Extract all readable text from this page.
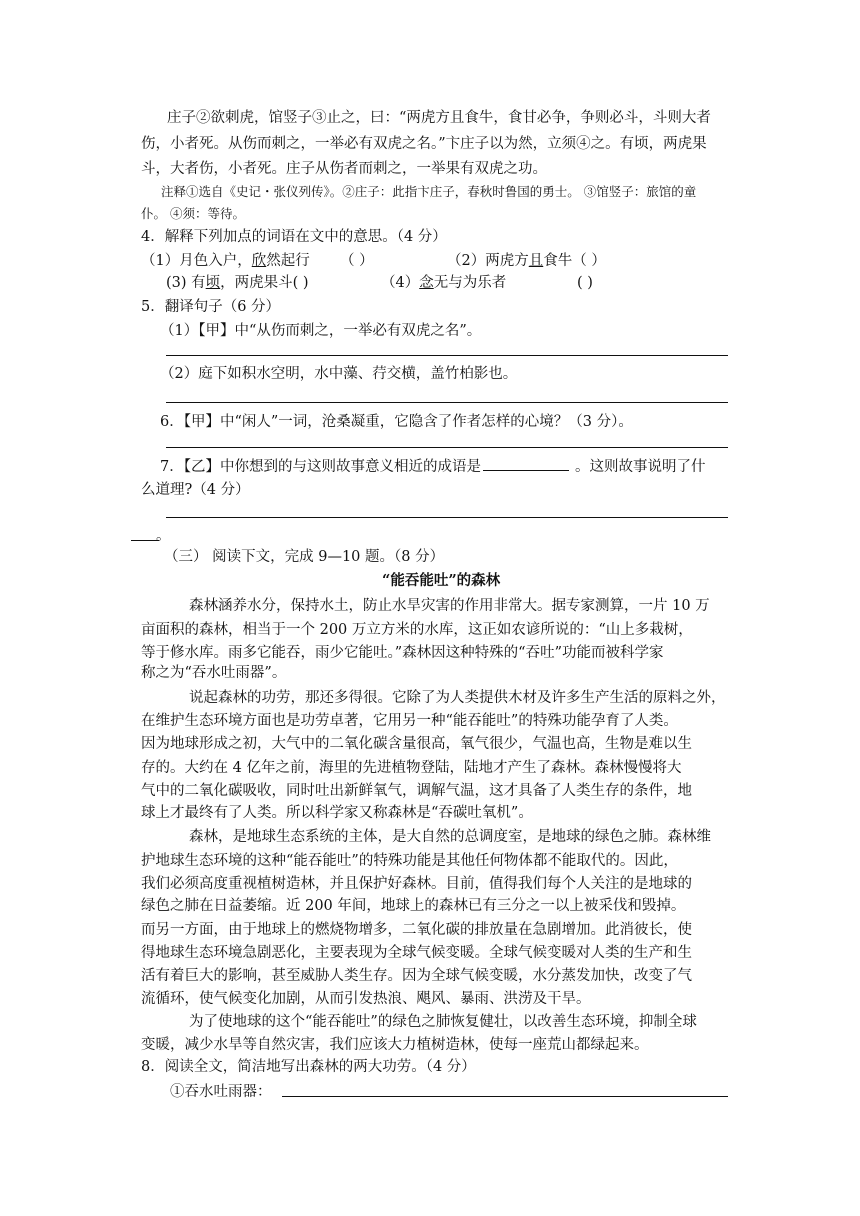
庄子②欲刺虎，馆竖子③止之，曰：“两虎方且食牛，食甘必争，争则必斗，斗则大者
伤，小者死。从伤而刺之，一举必有双虎之名。”卞庄子以为然，立须④之。有顷，两虎果
斗，大者伤，小者死。庄子从伤者而刺之，一举果有双虎之功。
注释①选自《史记・张仪列传》。②庄子：此指卞庄子，春秋时鲁国的勇士。 ③馆竖子：旅馆的童
仆。 ④须：等待。
4．解释下列加点的词语在文中的意思。（4 分）
（1）月色入户，欣然起行 （ ）	（2）两虎方且食牛（ ）
(3) 有顷，两虎果斗( )	（4）念无与为乐者	( )
5．翻译句子（6 分）
（1）【甲】中“从伤而刺之，一举必有双虎之名”。
（2）庭下如积水空明，水中藻、荇交横，盖竹柏影也。
6．【甲】中“闲人”一词，沧桑凝重，它隐含了作者怎样的心境？（3 分）。
7．【乙】中你想到的与这则故事意义相近的成语是	。这则故事说明了什
么道理?（4 分）
。
（三） 阅读下文，完成 9—10 题。（8 分）
“能吞能吐”的森林
森林涵养水分，保持水土，防止水旱灾害的作用非常大。据专家测算，一片 10 万
亩面积的森林，相当于一个 200 万立方米的水库，这正如农谚所说的：“山上多栽树，
等于修水库。雨多它能吞，雨少它能吐。”森林因这种特殊的“吞吐”功能而被科学家
称之为“吞水吐雨器”。
说起森林的功劳，那还多得很。它除了为人类提供木材及许多生产生活的原料之外，
在维护生态环境方面也是功劳卓著，它用另一种“能吞能吐”的特殊功能孕育了人类。
因为地球形成之初，大气中的二氧化碳含量很高，氧气很少，气温也高，生物是难以生
存的。大约在 4 亿年之前，海里的先进植物登陆，陆地才产生了森林。森林慢慢将大
气中的二氧化碳吸收，同时吐出新鲜氧气，调解气温，这才具备了人类生存的条件，地
球上才最终有了人类。所以科学家又称森林是“吞碳吐氧机”。
森林，是地球生态系统的主体，是大自然的总调度室，是地球的绿色之肺。森林维
护地球生态环境的这种“能吞能吐”的特殊功能是其他任何物体都不能取代的。因此，
我们必须高度重视植树造林，并且保护好森林。目前，值得我们每个人关注的是地球的
绿色之肺在日益萎缩。近 200 年间，地球上的森林已有三分之一以上被采伐和毁掉。
而另一方面，由于地球上的燃烧物增多，二氧化碳的排放量在急剧增加。此消彼长，使
得地球生态环境急剧恶化，主要表现为全球气候变暖。全球气候变暖对人类的生产和生
活有着巨大的影响，甚至威胁人类生存。因为全球气候变暖，水分蒸发加快，改变了气
流循环，使气候变化加剧，从而引发热浪、飓风、暴雨、洪涝及干旱。
为了使地球的这个“能吞能吐”的绿色之肺恢复健壮，以改善生态环境，抑制全球
变暖，减少水旱等自然灾害，我们应该大力植树造林，使每一座荒山都绿起来。
8．阅读全文，简洁地写出森林的两大功劳。（4 分）
①吞水吐雨器：
